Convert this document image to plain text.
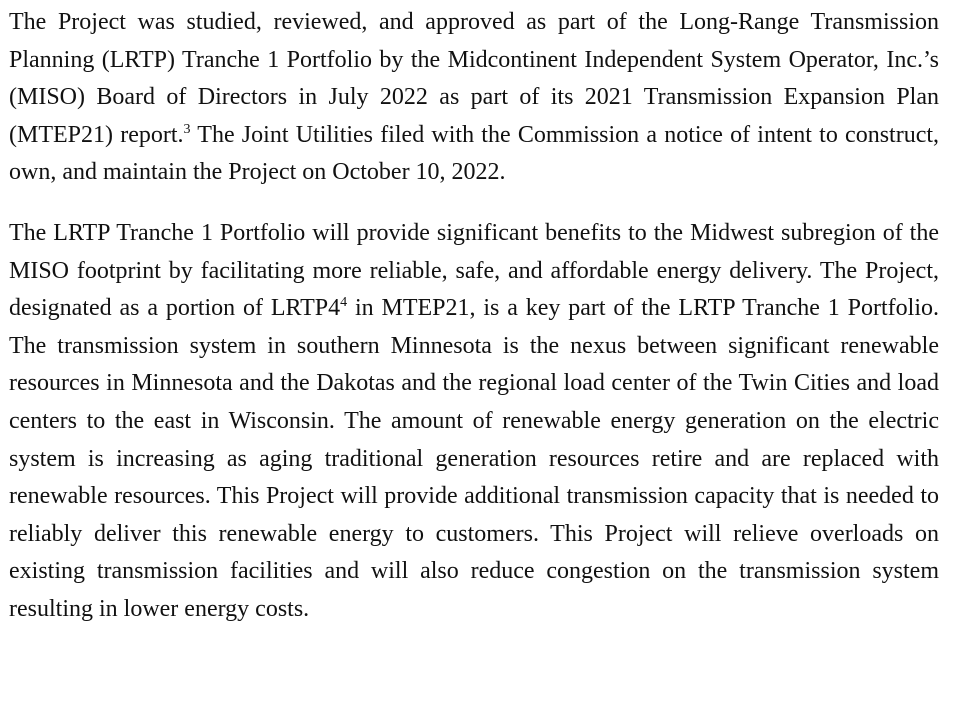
The Project was studied, reviewed, and approved as part of the Long-Range Transmission Planning (LRTP) Tranche 1 Portfolio by the Midcontinent Independent System Operator, Inc.’s (MISO) Board of Directors in July 2022 as part of its 2021 Transmission Expansion Plan (MTEP21) report.$^3$ The Joint Utilities filed with the Commission a notice of intent to construct, own, and maintain the Project on October 10, 2022.

The LRTP Tranche 1 Portfolio will provide significant benefits to the Midwest subregion of the MISO footprint by facilitating more reliable, safe, and affordable energy delivery. The Project, designated as a portion of $LRTP4^4$ in MTEP21, is a key part of the LRTP Tranche 1 Portfolio. The transmission system in southern Minnesota is the nexus between significant renewable resources in Minnesota and the Dakotas and the regional load center of the Twin Cities and load centers to the east in Wisconsin. The amount of renewable energy generation on the electric system is increasing as aging traditional generation resources retire and are replaced with renewable resources. This Project will provide additional transmission capacity that is needed to reliably deliver this renewable energy to customers. This Project will relieve overloads on existing transmission facilities and will also reduce congestion on the transmission system resulting in lower energy costs.
